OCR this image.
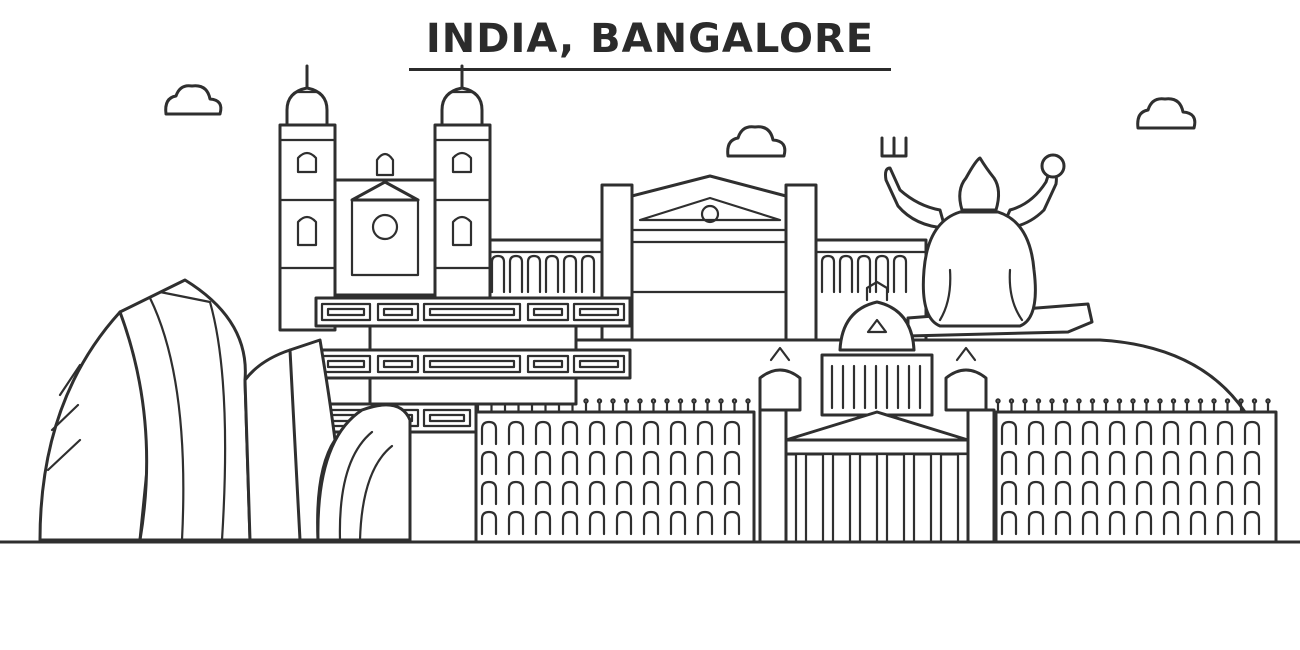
INDIA, BANGALORE
